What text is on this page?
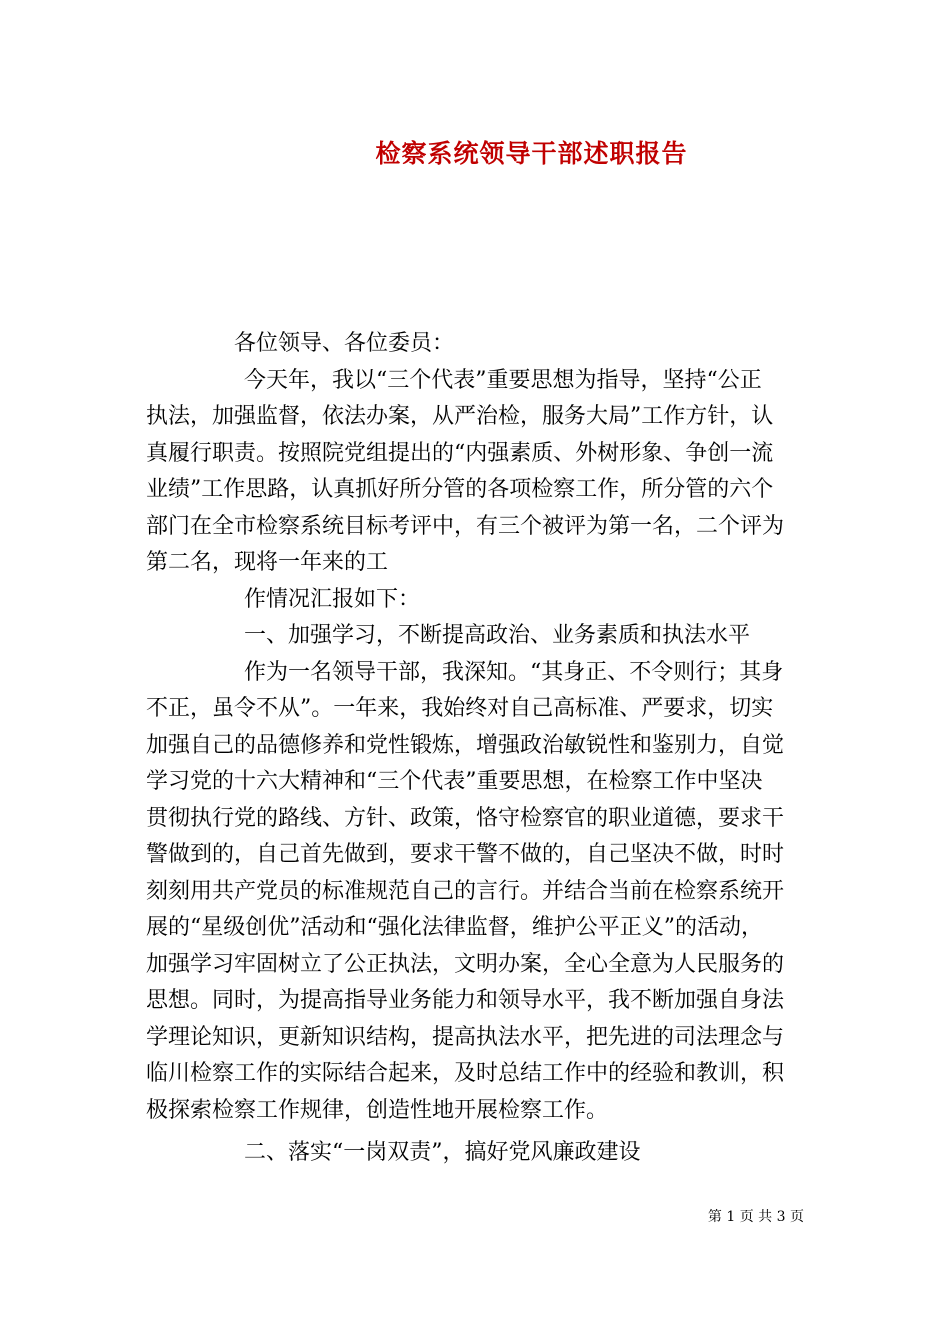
检察系统领导干部述职报告
各位领导、各位委员：
今天年，我以“三个代表”重要思想为指导，坚持“公正
执法，加强监督，依法办案，从严治检，服务大局”工作方针，认
真履行职责。按照院党组提出的“内强素质、外树形象、争创一流
业绩”工作思路，认真抓好所分管的各项检察工作，所分管的六个
部门在全市检察系统目标考评中，有三个被评为第一名，二个评为
第二名，现将一年来的工
作情况汇报如下：
一、加强学习，不断提高政治、业务素质和执法水平
作为一名领导干部，我深知。“其身正、不令则行；其身
不正，虽令不从”。一年来，我始终对自己高标准、严要求，切实
加强自己的品德修养和党性锻炼，增强政治敏锐性和鉴别力，自觉
学习党的十六大精神和“三个代表”重要思想，在检察工作中坚决
贯彻执行党的路线、方针、政策，恪守检察官的职业道德，要求干
警做到的，自己首先做到，要求干警不做的，自己坚决不做，时时
刻刻用共产党员的标准规范自己的言行。并结合当前在检察系统开
展的“星级创优”活动和“强化法律监督，维护公平正义”的活动，
加强学习牢固树立了公正执法，文明办案，全心全意为人民服务的
思想。同时，为提高指导业务能力和领导水平，我不断加强自身法
学理论知识，更新知识结构，提高执法水平，把先进的司法理念与
临川检察工作的实际结合起来，及时总结工作中的经验和教训，积
极探索检察工作规律，创造性地开展检察工作。
二、落实“一岗双责”，搞好党风廉政建设
第 1 页 共 3 页
